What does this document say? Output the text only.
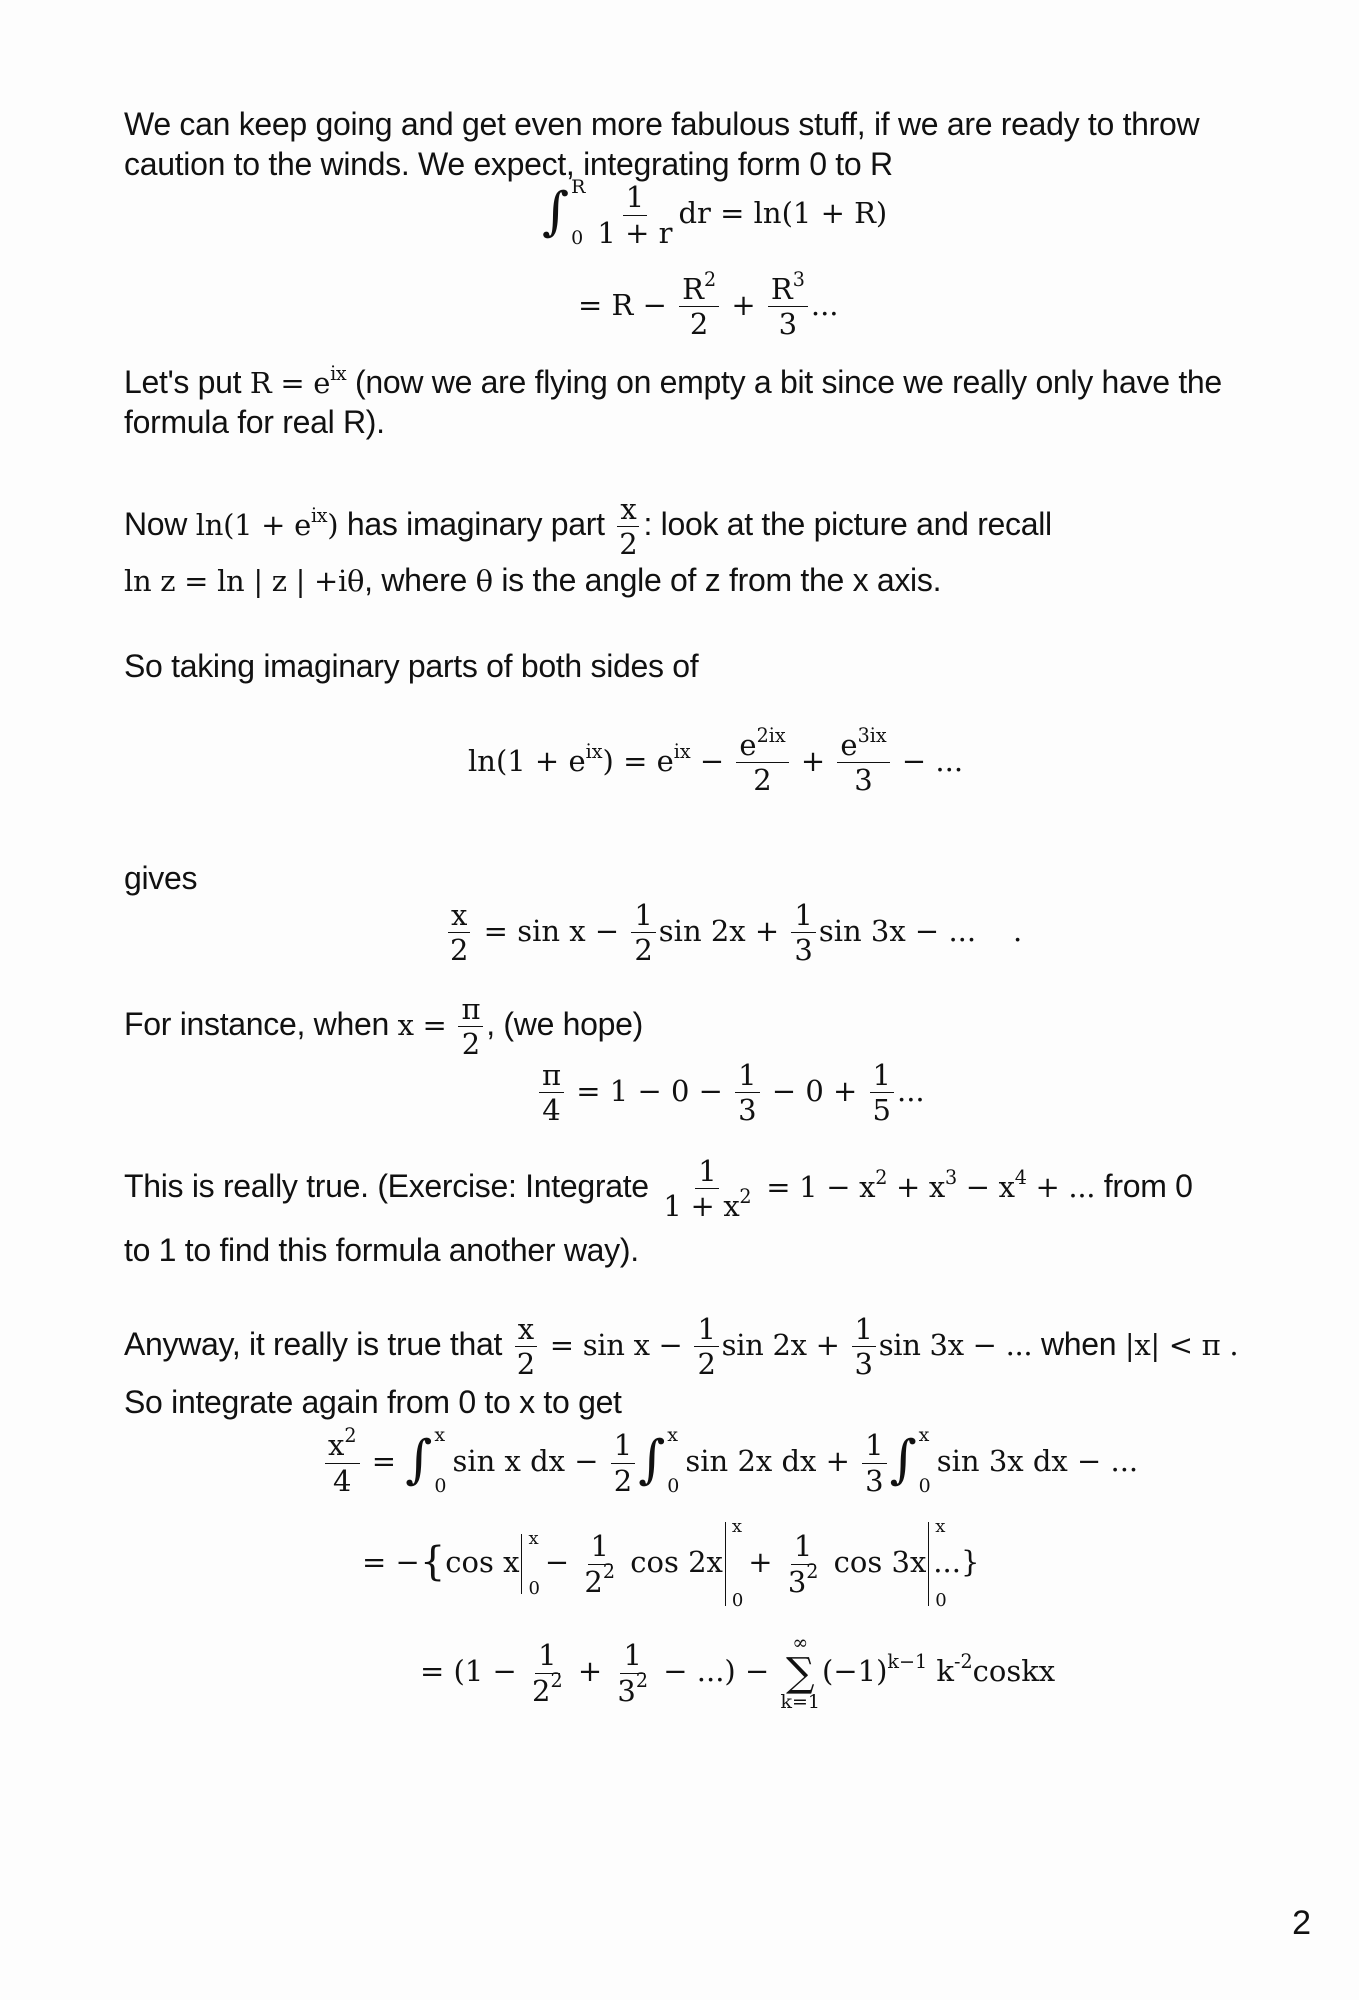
We can keep going and get even more fabulous stuff, if we are ready to throw
caution to the winds. We expect, integrating form 0 to R
∫ R
$0 \frac{1}{1 + r}$ dr = ln(1 + R)
= $R - \frac{R^2}{2} + \frac{R^3}{3}$ ...
Let's put $R = e^{ix}$ (now we are flying on empty a bit since we really only have the
formula for real R).
Now $\ln(1 + e^{ix})$ has imaginary part $\frac{x}{2}$ : look at the picture and recall
ln z = ln | z | +iθ, where θ is the angle of z from the x axis.
So taking imaginary parts of both sides of
$\ln(1 + e^{ix}) = e^{ix} - \frac{e^{2ix}}{2} + \frac{e^{3ix}}{3}$ − ...
gives
$\frac{x}{2} = \sin x - \frac{1}{2}$ $\sin 2x + \frac{1}{3}$ sin 3x − ...    .
For instance, when $x = \frac{\pi}{2}$ , (we hope)
$\frac{\pi}{4} = 1 - 0 - \frac{1}{3} - 0 + \frac{1}{5}$ ...
This is really true. (Exercise: Integrate $\frac{1}{1 + x^2} = 1 - x^2 + x^3 - x^4$ + ... from 0
to 1 to find this formula another way).
Anyway, it really is true that $\frac{x}{2} = \sin x - \frac{1}{2}$ $\sin 2x + \frac{1}{3}$ sin 3x − ... when |x| < π .
So integrate again from 0 to x to get
$\frac{x^2}{4}$ = ∫ x
0
sin x dx − $\frac{1}{2}$ ∫ x
0
sin 2x dx + $\frac{1}{3}$ ∫ x
0
sin 3x dx − ...
= −{cos x
x
0
− $\frac{1}{2^2}$ cos 2x
x
0
+ $\frac{1}{3^2}$ cos 3x
x
0
...}
= ($1 - \frac{1}{2^2} + \frac{1}{3^2}$ − ...) −
∞
∑
k=1
$(-1)^{k-1}$ $k^{-2}coskx$
2
